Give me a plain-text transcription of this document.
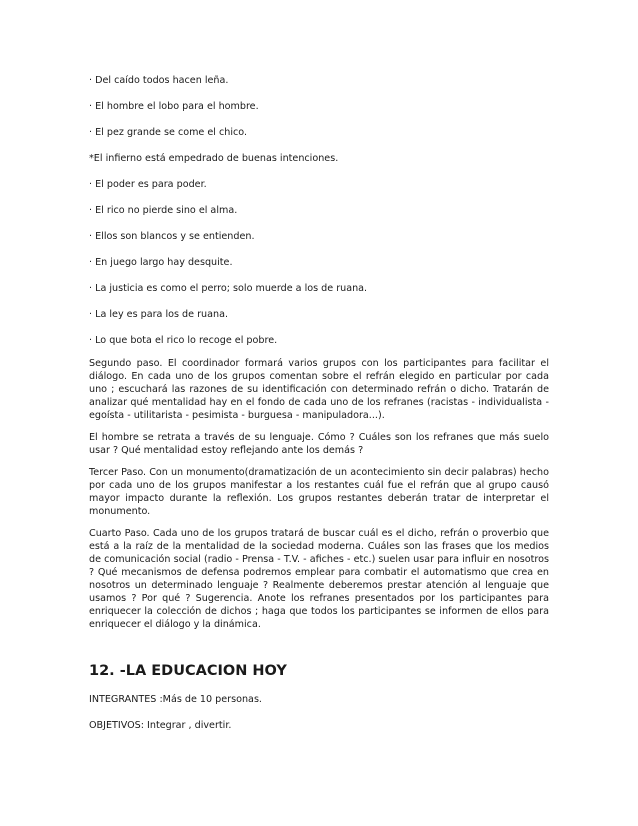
· Del caído todos hacen leña.
· El hombre el lobo para el hombre.
· El pez grande se come el chico.
*El infierno está empedrado de buenas intenciones.
· El poder es para poder.
· El rico no pierde sino el alma.
· Ellos son blancos y se entienden.
· En juego largo hay desquite.
· La justicia es como el perro; solo muerde a los de ruana.
· La ley es para los de ruana.
· Lo que bota el rico lo recoge el pobre.

Segundo paso. El coordinador formará varios grupos con los participantes para facilitar el diálogo. En cada uno de los grupos comentan sobre el refrán elegido en particular por cada uno ; escuchará las razones de su identificación con determinado refrán o dicho. Tratarán de analizar qué mentalidad hay en el fondo de cada uno de los refranes (racistas - individualista - egoísta - utilitarista - pesimista - burguesa - manipuladora...).

El hombre se retrata a través de su lenguaje. Cómo ? Cuáles son los refranes que más suelo usar ? Qué mentalidad estoy reflejando ante los demás ?

Tercer Paso. Con un monumento(dramatización de un acontecimiento sin decir palabras) hecho por cada uno de los grupos manifestar a los restantes cuál fue el refrán que al grupo causó mayor impacto durante la reflexión. Los grupos restantes deberán tratar de interpretar el monumento.

Cuarto Paso. Cada uno de los grupos tratará de buscar cuál es el dicho, refrán o proverbio que está a la raíz de la mentalidad de la sociedad moderna. Cuáles son las frases que los medios de comunicación social (radio - Prensa - T.V. - afiches - etc.) suelen usar para influir en nosotros ? Qué mecanismos de defensa podremos emplear para combatir el automatismo que crea en nosotros un determinado lenguaje ? Realmente deberemos prestar atención al lenguaje que usamos ? Por qué ? Sugerencia. Anote los refranes presentados por los participantes para enriquecer la colección de dichos ; haga que todos los participantes se informen de ellos para enriquecer el diálogo y la dinámica.

12. -LA EDUCACION HOY
INTEGRANTES :Más de 10 personas.
OBJETIVOS: Integrar , divertir.
